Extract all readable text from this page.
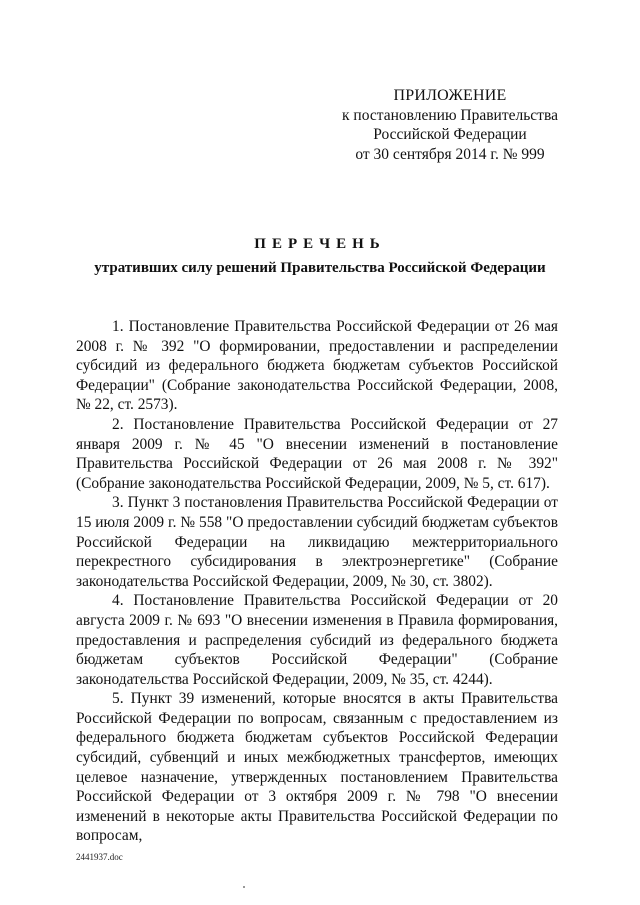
ПРИЛОЖЕНИЕ
к постановлению Правительства
Российской Федерации
от 30 сентября 2014 г. № 999
ПЕРЕЧЕНЬ
утративших силу решений Правительства Российской Федерации

1. Постановление Правительства Российской Федерации от 26 мая 2008 г. № 392 "О формировании, предоставлении и распределении субсидий из федерального бюджета бюджетам субъектов Российской Федерации" (Собрание законодательства Российской Федерации, 2008, № 22, ст. 2573).

2. Постановление Правительства Российской Федерации от 27 января 2009 г. № 45 "О внесении изменений в постановление Правительства Российской Федерации от 26 мая 2008 г. № 392" (Собрание законодательства Российской Федерации, 2009, № 5, ст. 617).

3. Пункт 3 постановления Правительства Российской Федерации от 15 июля 2009 г. № 558 "О предоставлении субсидий бюджетам субъектов Российской Федерации на ликвидацию межтерриториального перекрестного субсидирования в электроэнергетике" (Собрание законодательства Российской Федерации, 2009, № 30, ст. 3802).

4. Постановление Правительства Российской Федерации от 20 августа 2009 г. № 693 "О внесении изменения в Правила формирования, предоставления и распределения субсидий из федерального бюджета бюджетам субъектов Российской Федерации" (Собрание законодательства Российской Федерации, 2009, № 35, ст. 4244).

5. Пункт 39 изменений, которые вносятся в акты Правительства Российской Федерации по вопросам, связанным с предоставлением из федерального бюджета бюджетам субъектов Российской Федерации субсидий, субвенций и иных межбюджетных трансфертов, имеющих целевое назначение, утвержденных постановлением Правительства Российской Федерации от 3 октября 2009 г. № 798 "О внесении изменений в некоторые акты Правительства Российской Федерации по вопросам,

2441937.doc
